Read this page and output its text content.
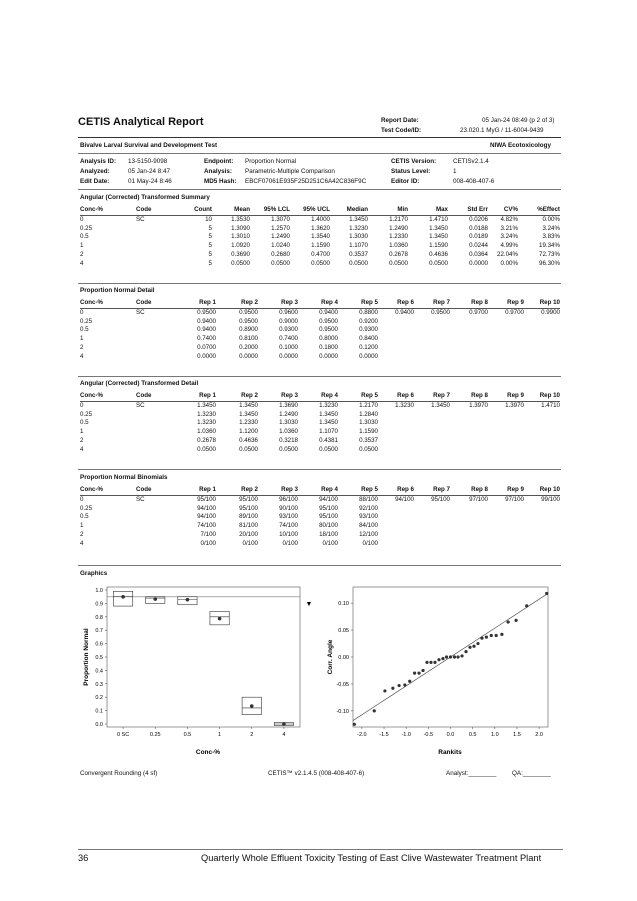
CETIS Analytical Report	Report Date:	05 Jan-24 08:49 (p 2 of 3)
Test Code/ID:	23.020.1 MyG / 11-6004-9439
Bivalve Larval Survival and Development Test	NIWA Ecotoxicology
Analysis ID: 13-5150-9098
Analyzed:	05 Jan-24 8:47
Edit Date:	01 May-24 8:46
Endpoint: Proportion Normal
Analysis: Parametric-Multiple Comparison
MD5 Hash: EBCF07061E935F25D251C6A42C836F9C
CETIS Version:	CETISv2.1.4
Status Level:	1
Editor ID:	008-408-407-6
Angular (Corrected) Transformed Summary
Conc-%	Code	Count	Mean	95% LCL	95% UCL	Median	Min	Max	Std Err	CV%	%Effect
0	SC	10	1.3530	1.3070	1.4000	1.3450	1.2170	1.4710	0.0206	4.82%	0.00%
0.25		5	1.3090	1.2570	1.3620	1.3230	1.2490	1.3450	0.0188	3.21%	3.24%
0.5		5	1.3010	1.2490	1.3540	1.3030	1.2330	1.3450	0.0189	3.24%	3.83%
1		5	1.0920	1.0240	1.1590	1.1070	1.0360	1.1590	0.0244	4.99%	19.34%
2		5	0.3690	0.2680	0.4700	0.3537	0.2678	0.4636	0.0364	22.04%	72.73%
4		5	0.0500	0.0500	0.0500	0.0500	0.0500	0.0500	0.0000	0.00%	96.30%
Proportion Normal Detail
Conc-%	Code	Rep 1	Rep 2	Rep 3	Rep 4	Rep 5	Rep 6	Rep 7	Rep 8	Rep 9	Rep 10
0	SC	0.9500	0.9500	0.9600	0.9400	0.8800	0.9400	0.9500	0.9700	0.9700	0.9900
0.25		0.9400	0.9500	0.9000	0.9500	0.9200					
0.5		0.9400	0.8900	0.9300	0.9500	0.9300					
1		0.7400	0.8100	0.7400	0.8000	0.8400					
2		0.0700	0.2000	0.1000	0.1800	0.1200					
4		0.0000	0.0000	0.0000	0.0000	0.0000					
Angular (Corrected) Transformed Detail
Conc-%	Code	Rep 1	Rep 2	Rep 3	Rep 4	Rep 5	Rep 6	Rep 7	Rep 8	Rep 9	Rep 10
0	SC	1.3450	1.3450	1.3690	1.3230	1.2170	1.3230	1.3450	1.3970	1.3970	1.4710
0.25		1.3230	1.3450	1.2490	1.3450	1.2840					
0.5		1.3230	1.2330	1.3030	1.3450	1.3030					
1		1.0360	1.1200	1.0360	1.1070	1.1590					
2		0.2678	0.4636	0.3218	0.4381	0.3537					
4		0.0500	0.0500	0.0500	0.0500	0.0500					
Proportion Normal Binomials
Conc-%	Code	Rep 1	Rep 2	Rep 3	Rep 4	Rep 5	Rep 6	Rep 7	Rep 8	Rep 9	Rep 10
0	SC	95/100	95/100	96/100	94/100	88/100	94/100	95/100	97/100	97/100	99/100
0.25		94/100	95/100	90/100	95/100	92/100					
0.5		94/100	89/100	93/100	95/100	93/100					
1		74/100	81/100	74/100	80/100	84/100					
2		7/100	20/100	10/100	18/100	12/100					
4		0/100	0/100	0/100	0/100	0/100					
Graphics
0.0
0.1
0.2
0.3
0.4
0.5
0.6
0.7
0.8
0.9
1.0
0 SC	0.25	0.5	1	2	4
Proportion Normal
Conc-%
▼	0.10
0.05
0.00
-0.05
-0.10
-2.0 -1.5 -1.0 -0.5 0.0	0.5	1.0	1.5	2.0
Corr. Angle
Rankits
Convergent Rounding (4 sf)	CETIS™ v2.1.4.5 (008-408-407-6)	Analyst:________ QA:________
36	Quarterly Whole Effluent Toxicity Testing of East Clive Wastewater Treatment Plant
